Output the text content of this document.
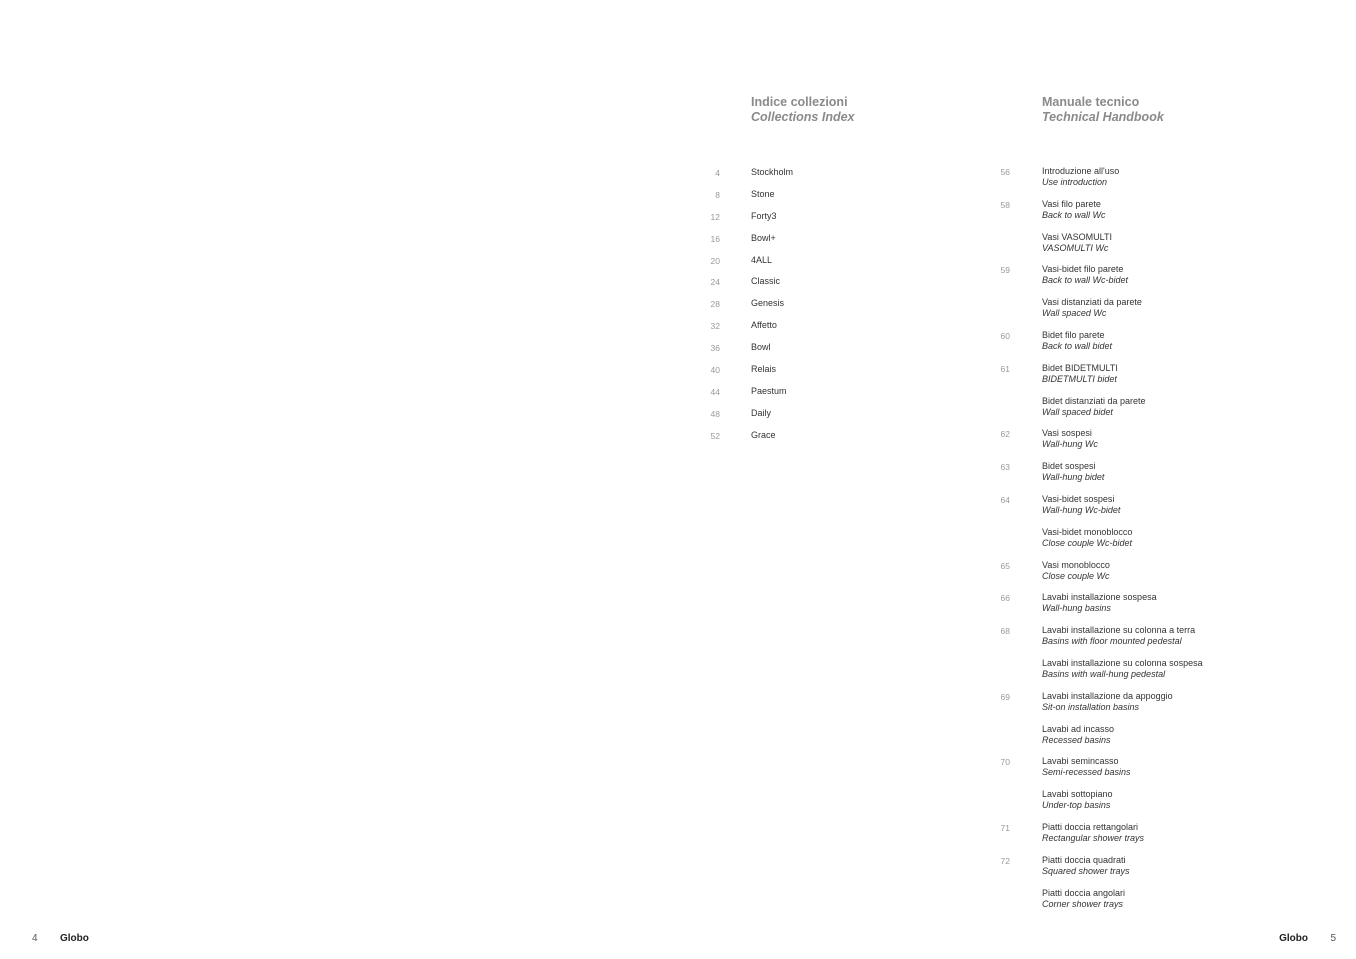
Indice collezioni
Collections Index
Manuale tecnico
Technical Handbook
4	Stockholm
8	Stone
12	Forty3
16	Bowl+
20	4ALL
24	Classic
28	Genesis
32	Affetto
36	Bowl
40	Relais
44	Paestum
48	Daily
52	Grace
56	Introduzione all'uso
Use introduction
58	Vasi filo parete
Back to wall Wc
Vasi VASOMULTI
VASOMULTI Wc
59	Vasi-bidet filo parete
Back to wall Wc-bidet
Vasi distanziati da parete
Wall spaced Wc
60	Bidet filo parete
Back to wall bidet
61	Bidet BIDETMULTI
BIDETMULTI bidet
Bidet distanziati da parete
Wall spaced bidet
62	Vasi sospesi
Wall-hung Wc
63	Bidet sospesi
Wall-hung bidet
64	Vasi-bidet sospesi
Wall-hung Wc-bidet
Vasi-bidet monoblocco
Close couple Wc-bidet
65	Vasi monoblocco
Close couple Wc
66	Lavabi installazione sospesa
Wall-hung basins
68	Lavabi installazione su colonna a terra
Basins with floor mounted pedestal
Lavabi installazione su colonna sospesa
Basins with wall-hung pedestal
69	Lavabi installazione da appoggio
Sit-on installation basins
Lavabi ad incasso
Recessed basins
70	Lavabi semincasso
Semi-recessed basins
Lavabi sottopiano
Under-top basins
71	Piatti doccia rettangolari
Rectangular shower trays
72	Piatti doccia quadrati
Squared shower trays
Piatti doccia angolari
Corner shower trays
4 Globo	Globo 5
